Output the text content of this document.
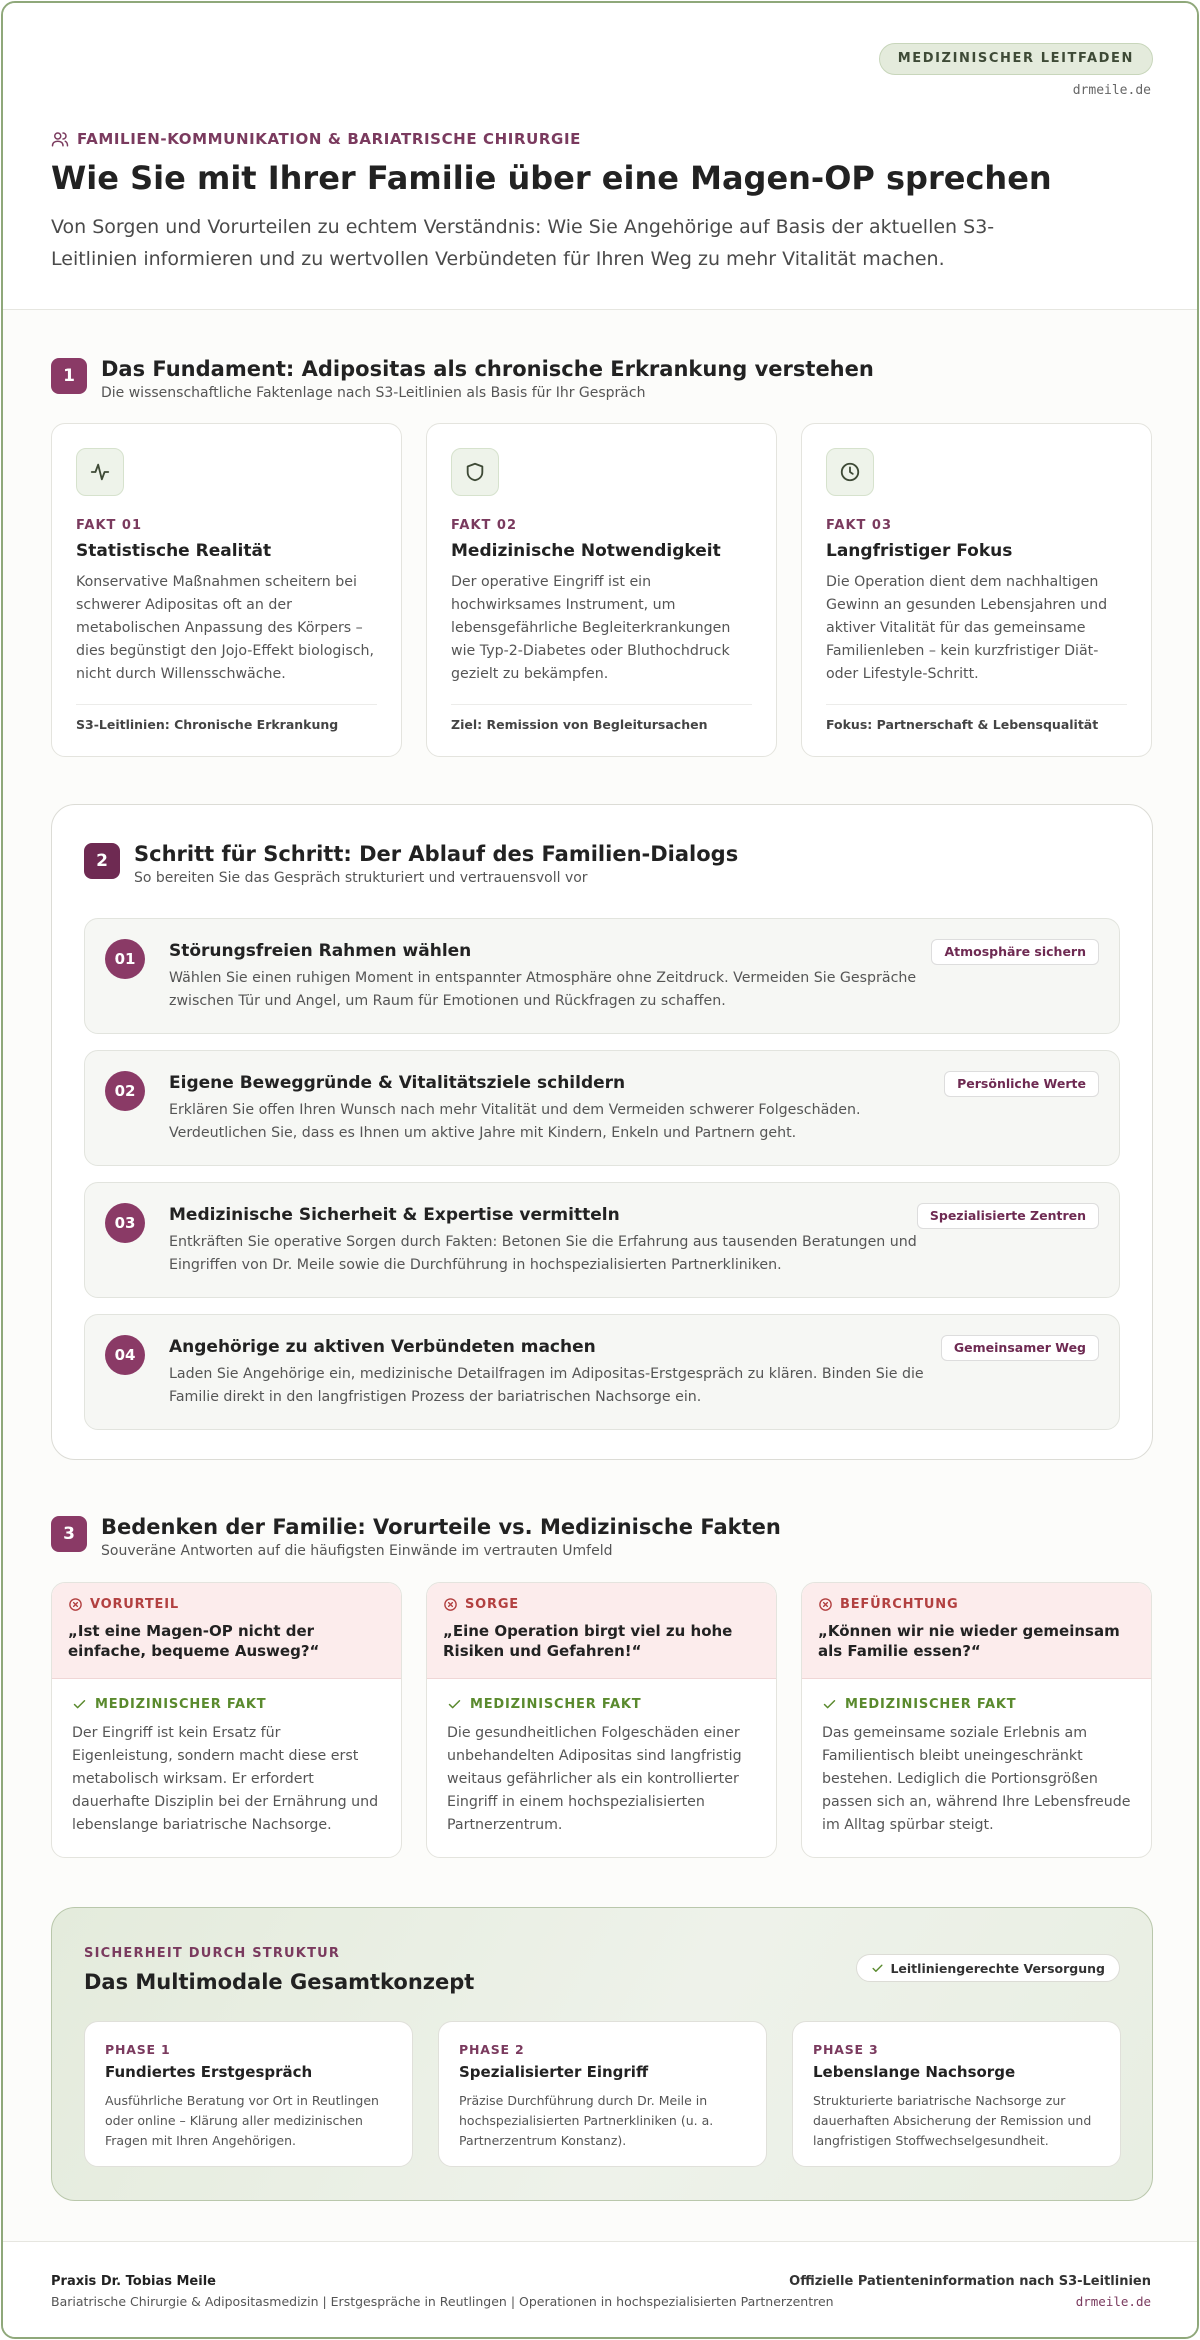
MEDIZINISCHER LEITFADEN
drmeile.de
FAMILIEN-KOMMUNIKATION & BARIATRISCHE CHIRURGIE
Wie Sie mit Ihrer Familie über eine Magen-OP sprechen

Von Sorgen und Vorurteilen zu echtem Verständnis: Wie Sie Angehörige auf Basis der aktuellen S3-Leitlinien informieren und zu wertvollen Verbündeten für Ihren Weg zu mehr Vitalität machen.

1	Das Fundament: Adipositas als chronische Erkrankung verstehen
Die wissenschaftliche Faktenlage nach S3-Leitlinien als Basis für Ihr Gespräch
FAKT 01
Statistische Realität
Konservative Maßnahmen scheitern bei schwerer Adipositas oft an der metabolischen Anpassung des Körpers – dies begünstigt den Jojo-Effekt biologisch, nicht durch Willensschwäche.
S3-Leitlinien: Chronische Erkrankung
FAKT 02
Medizinische Notwendigkeit
Der operative Eingriff ist ein hochwirksames Instrument, um lebensgefährliche Begleiterkrankungen wie Typ-2-Diabetes oder Bluthochdruck gezielt zu bekämpfen.
Ziel: Remission von Begleitursachen
FAKT 03
Langfristiger Fokus
Die Operation dient dem nachhaltigen Gewinn an gesunden Lebensjahren und aktiver Vitalität für das gemeinsame Familienleben – kein kurzfristiger Diät- oder Lifestyle-Schritt.
Fokus: Partnerschaft & Lebensqualität
2	Schritt für Schritt: Der Ablauf des Familien-Dialogs
So bereiten Sie das Gespräch strukturiert und vertrauensvoll vor
01	Störungsfreien Rahmen wählen
Wählen Sie einen ruhigen Moment in entspannter Atmosphäre ohne Zeitdruck. Vermeiden Sie Gespräche zwischen Tür und Angel, um Raum für Emotionen und Rückfragen zu schaffen.
Atmosphäre sichern
02	Eigene Beweggründe & Vitalitätsziele schildern
Erklären Sie offen Ihren Wunsch nach mehr Vitalität und dem Vermeiden schwerer Folgeschäden. Verdeutlichen Sie, dass es Ihnen um aktive Jahre mit Kindern, Enkeln und Partnern geht.
Persönliche Werte
03	Medizinische Sicherheit & Expertise vermitteln
Entkräften Sie operative Sorgen durch Fakten: Betonen Sie die Erfahrung aus tausenden Beratungen und Eingriffen von Dr. Meile sowie die Durchführung in hochspezialisierten Partnerkliniken.
Spezialisierte Zentren
04	Angehörige zu aktiven Verbündeten machen
Laden Sie Angehörige ein, medizinische Detailfragen im Adipositas-Erstgespräch zu klären. Binden Sie die Familie direkt in den langfristigen Prozess der bariatrischen Nachsorge ein.
Gemeinsamer Weg
3	Bedenken der Familie: Vorurteile vs. Medizinische Fakten
Souveräne Antworten auf die häufigsten Einwände im vertrauten Umfeld
VORURTEIL
„Ist eine Magen-OP nicht der einfache, bequeme Ausweg?“
MEDIZINISCHER FAKT
Der Eingriff ist kein Ersatz für Eigenleistung, sondern macht diese erst metabolisch wirksam. Er erfordert dauerhafte Disziplin bei der Ernährung und lebenslange bariatrische Nachsorge.
SORGE
„Eine Operation birgt viel zu hohe Risiken und Gefahren!“
MEDIZINISCHER FAKT
Die gesundheitlichen Folgeschäden einer unbehandelten Adipositas sind langfristig weitaus gefährlicher als ein kontrollierter Eingriff in einem hochspezialisierten Partnerzentrum.
BEFÜRCHTUNG
„Können wir nie wieder gemeinsam als Familie essen?“
MEDIZINISCHER FAKT
Das gemeinsame soziale Erlebnis am Familientisch bleibt uneingeschränkt bestehen. Lediglich die Portionsgrößen passen sich an, während Ihre Lebensfreude im Alltag spürbar steigt.
SICHERHEIT DURCH STRUKTUR
Das Multimodale Gesamtkonzept
Leitliniengerechte Versorgung
PHASE 1
Fundiertes Erstgespräch
Ausführliche Beratung vor Ort in Reutlingen oder online – Klärung aller medizinischen Fragen mit Ihren Angehörigen.
PHASE 2
Spezialisierter Eingriff
Präzise Durchführung durch Dr. Meile in hochspezialisierten Partnerkliniken (u. a. Partnerzentrum Konstanz).
PHASE 3
Lebenslange Nachsorge
Strukturierte bariatrische Nachsorge zur dauerhaften Absicherung der Remission und langfristigen Stoffwechselgesundheit.
Praxis Dr. Tobias Meile
Bariatrische Chirurgie & Adipositasmedizin | Erstgespräche in Reutlingen | Operationen in hochspezialisierten Partnerzentren
Offizielle Patienteninformation nach S3-Leitlinien
drmeile.de
